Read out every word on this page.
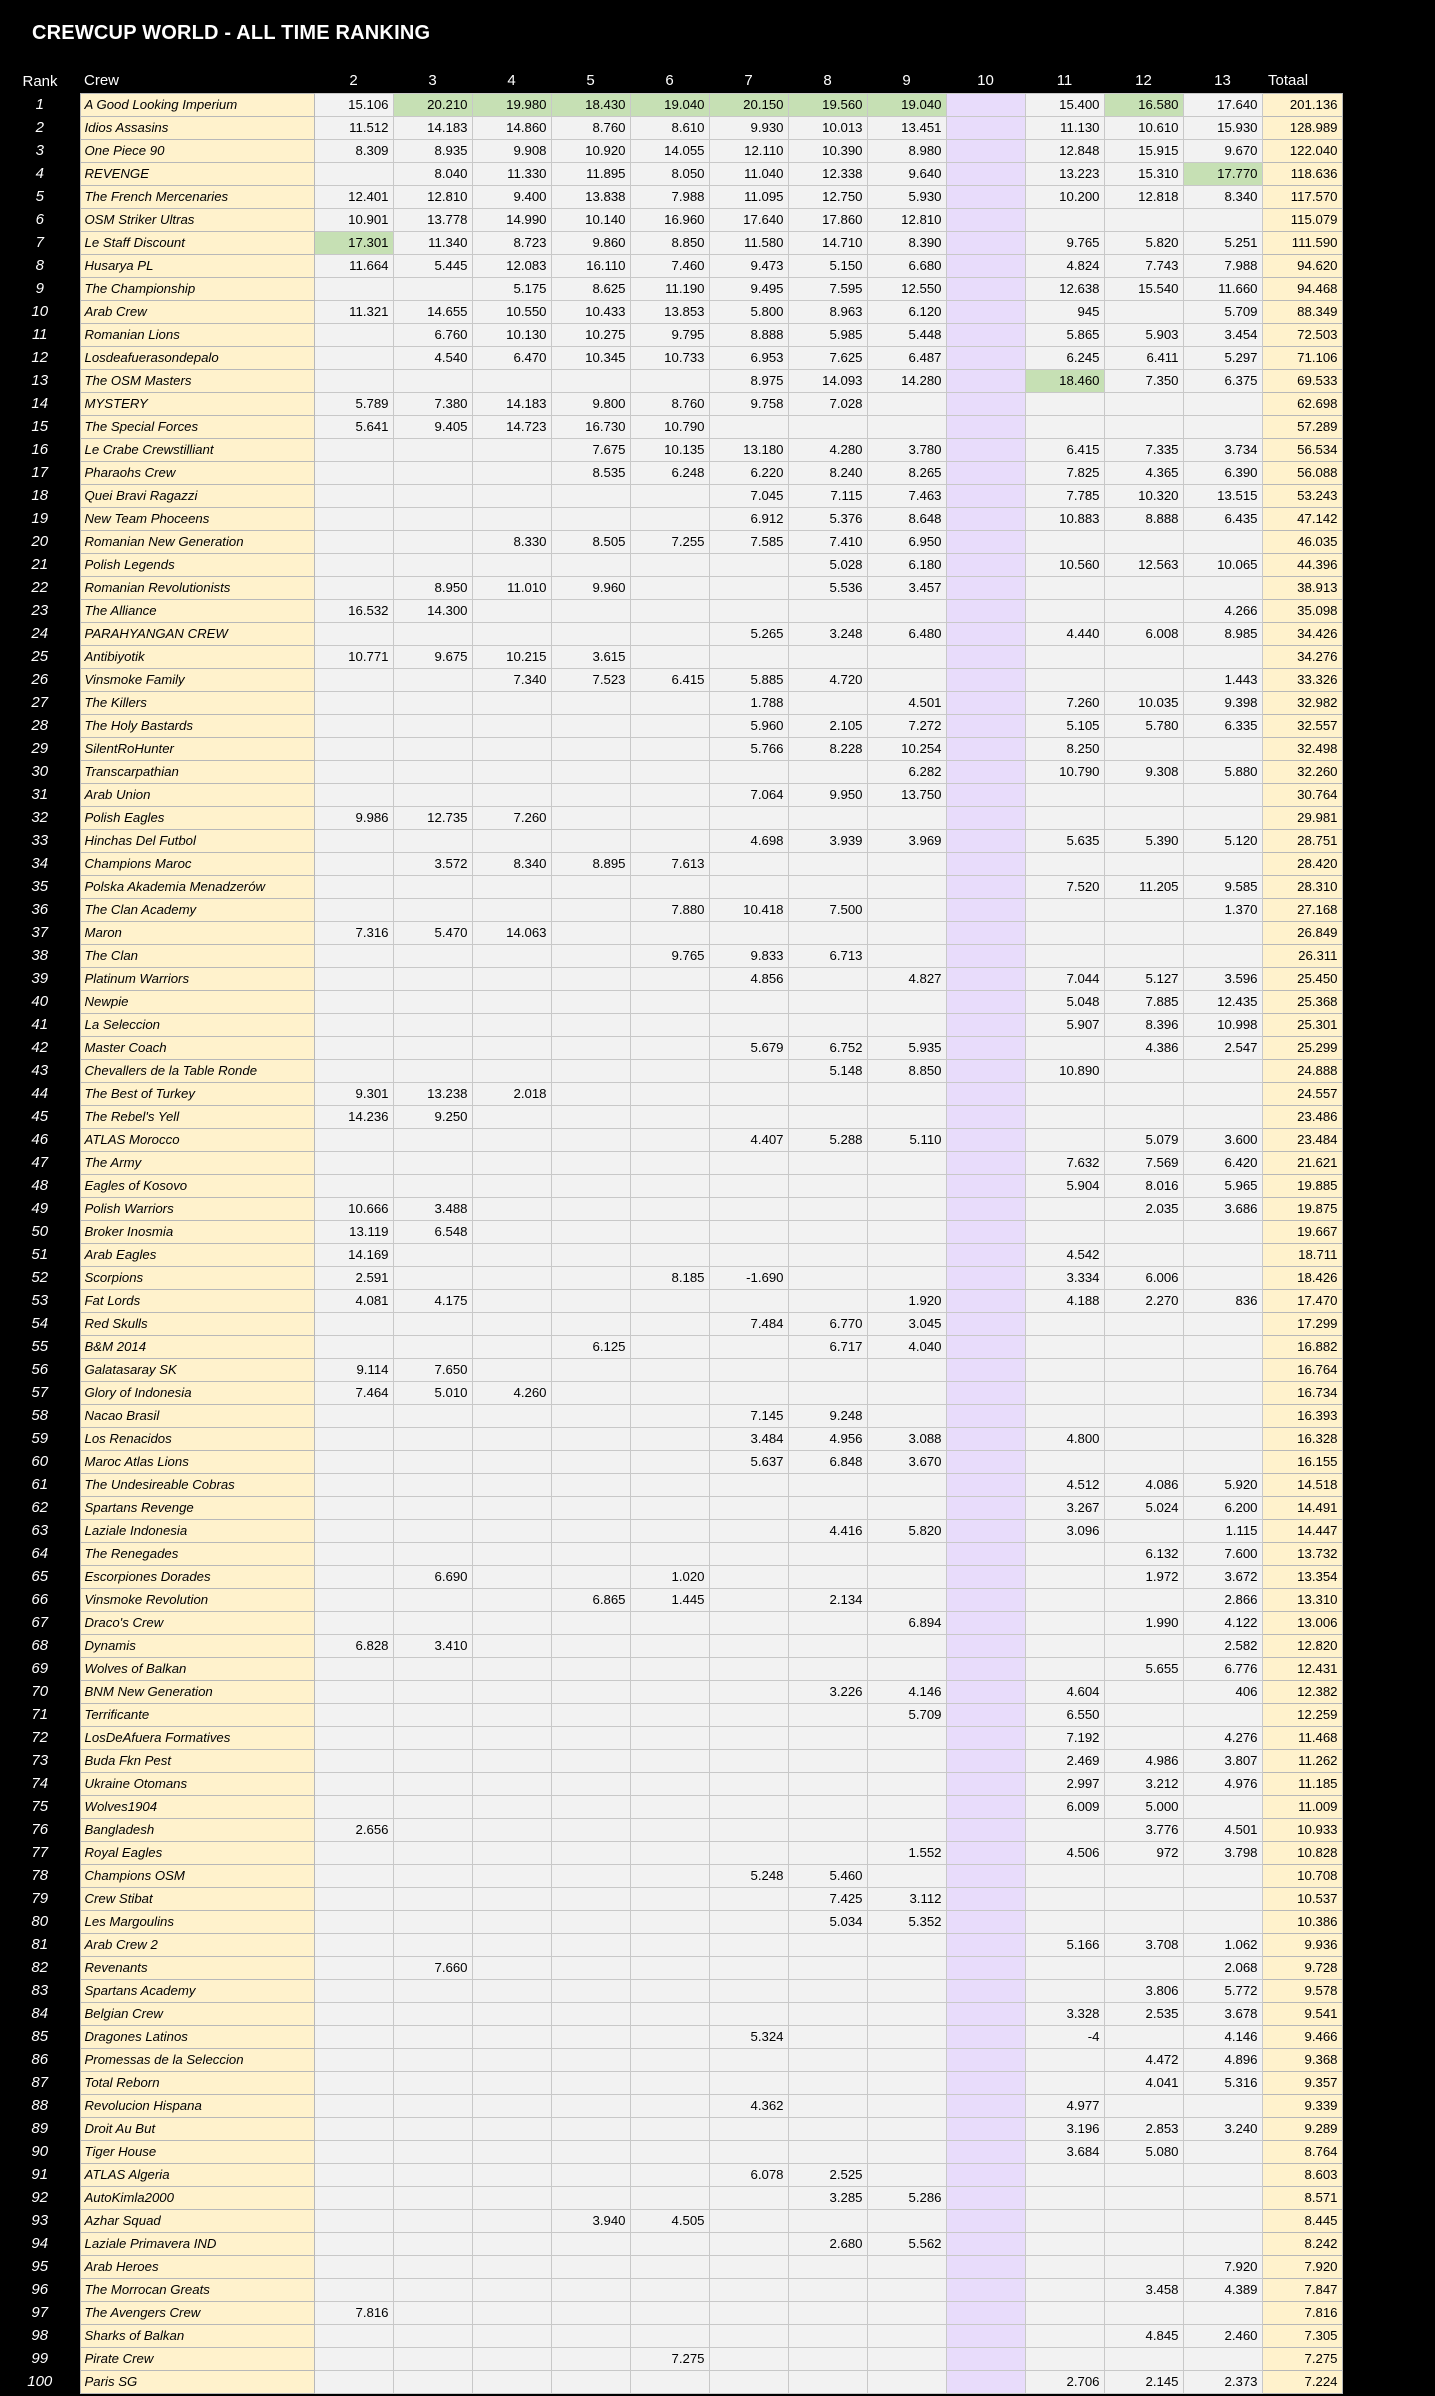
CREWCUP WORLD - ALL TIME RANKING
Rank	Crew	2	3	4	5	6	7	8	9	10	11	12	13	Totaal
1	A Good Looking Imperium	15.106	20.210	19.980	18.430	19.040	20.150	19.560	19.040		15.400	16.580	17.640	201.136
2	Idios Assasins	11.512	14.183	14.860	8.760	8.610	9.930	10.013	13.451		11.130	10.610	15.930	128.989
3	One Piece 90	8.309	8.935	9.908	10.920	14.055	12.110	10.390	8.980		12.848	15.915	9.670	122.040
4	REVENGE		8.040	11.330	11.895	8.050	11.040	12.338	9.640		13.223	15.310	17.770	118.636
5	The French Mercenaries	12.401	12.810	9.400	13.838	7.988	11.095	12.750	5.930		10.200	12.818	8.340	117.570
6	OSM Striker Ultras	10.901	13.778	14.990	10.140	16.960	17.640	17.860	12.810					115.079
7	Le Staff Discount	17.301	11.340	8.723	9.860	8.850	11.580	14.710	8.390		9.765	5.820	5.251	111.590
8	Husarya PL	11.664	5.445	12.083	16.110	7.460	9.473	5.150	6.680		4.824	7.743	7.988	94.620
9	The Championship			5.175	8.625	11.190	9.495	7.595	12.550		12.638	15.540	11.660	94.468
10	Arab Crew	11.321	14.655	10.550	10.433	13.853	5.800	8.963	6.120		945		5.709	88.349
11	Romanian Lions		6.760	10.130	10.275	9.795	8.888	5.985	5.448		5.865	5.903	3.454	72.503
12	Losdeafuerasondepalo		4.540	6.470	10.345	10.733	6.953	7.625	6.487		6.245	6.411	5.297	71.106
13	The OSM Masters						8.975	14.093	14.280		18.460	7.350	6.375	69.533
14	MYSTERY	5.789	7.380	14.183	9.800	8.760	9.758	7.028						62.698
15	The Special Forces	5.641	9.405	14.723	16.730	10.790								57.289
16	Le Crabe Crewstilliant				7.675	10.135	13.180	4.280	3.780		6.415	7.335	3.734	56.534
17	Pharaohs Crew				8.535	6.248	6.220	8.240	8.265		7.825	4.365	6.390	56.088
18	Quei Bravi Ragazzi						7.045	7.115	7.463		7.785	10.320	13.515	53.243
19	New Team Phoceens						6.912	5.376	8.648		10.883	8.888	6.435	47.142
20	Romanian New Generation			8.330	8.505	7.255	7.585	7.410	6.950					46.035
21	Polish Legends							5.028	6.180		10.560	12.563	10.065	44.396
22	Romanian Revolutionists		8.950	11.010	9.960			5.536	3.457					38.913
23	The Alliance	16.532	14.300										4.266	35.098
24	PARAHYANGAN CREW						5.265	3.248	6.480		4.440	6.008	8.985	34.426
25	Antibiyotik	10.771	9.675	10.215	3.615									34.276
26	Vinsmoke Family			7.340	7.523	6.415	5.885	4.720					1.443	33.326
27	The Killers						1.788		4.501		7.260	10.035	9.398	32.982
28	The Holy Bastards						5.960	2.105	7.272		5.105	5.780	6.335	32.557
29	SilentRoHunter						5.766	8.228	10.254		8.250			32.498
30	Transcarpathian								6.282		10.790	9.308	5.880	32.260
31	Arab Union						7.064	9.950	13.750					30.764
32	Polish Eagles	9.986	12.735	7.260										29.981
33	Hinchas Del Futbol						4.698	3.939	3.969		5.635	5.390	5.120	28.751
34	Champions Maroc		3.572	8.340	8.895	7.613								28.420
35	Polska Akademia Menadzerów										7.520	11.205	9.585	28.310
36	The Clan Academy					7.880	10.418	7.500					1.370	27.168
37	Maron	7.316	5.470	14.063										26.849
38	The Clan					9.765	9.833	6.713						26.311
39	Platinum Warriors						4.856		4.827		7.044	5.127	3.596	25.450
40	Newpie										5.048	7.885	12.435	25.368
41	La Seleccion										5.907	8.396	10.998	25.301
42	Master Coach						5.679	6.752	5.935			4.386	2.547	25.299
43	Chevallers de la Table Ronde							5.148	8.850		10.890			24.888
44	The Best of Turkey	9.301	13.238	2.018										24.557
45	The Rebel's Yell	14.236	9.250											23.486
46	ATLAS Morocco						4.407	5.288	5.110			5.079	3.600	23.484
47	The Army										7.632	7.569	6.420	21.621
48	Eagles of Kosovo										5.904	8.016	5.965	19.885
49	Polish Warriors	10.666	3.488									2.035	3.686	19.875
50	Broker Inosmia	13.119	6.548											19.667
51	Arab Eagles	14.169									4.542			18.711
52	Scorpions	2.591				8.185	-1.690				3.334	6.006		18.426
53	Fat Lords	4.081	4.175						1.920		4.188	2.270	836	17.470
54	Red Skulls						7.484	6.770	3.045					17.299
55	B&M 2014				6.125			6.717	4.040					16.882
56	Galatasaray SK	9.114	7.650											16.764
57	Glory of Indonesia	7.464	5.010	4.260										16.734
58	Nacao Brasil						7.145	9.248						16.393
59	Los Renacidos						3.484	4.956	3.088		4.800			16.328
60	Maroc Atlas Lions						5.637	6.848	3.670					16.155
61	The Undesireable Cobras										4.512	4.086	5.920	14.518
62	Spartans Revenge										3.267	5.024	6.200	14.491
63	Laziale Indonesia							4.416	5.820		3.096		1.115	14.447
64	The Renegades											6.132	7.600	13.732
65	Escorpiones Dorades		6.690			1.020						1.972	3.672	13.354
66	Vinsmoke Revolution				6.865	1.445		2.134					2.866	13.310
67	Draco's Crew								6.894			1.990	4.122	13.006
68	Dynamis	6.828	3.410										2.582	12.820
69	Wolves of Balkan											5.655	6.776	12.431
70	BNM New Generation							3.226	4.146		4.604		406	12.382
71	Terrificante								5.709		6.550			12.259
72	LosDeAfuera Formatives										7.192		4.276	11.468
73	Buda Fkn Pest										2.469	4.986	3.807	11.262
74	Ukraine Otomans										2.997	3.212	4.976	11.185
75	Wolves1904										6.009	5.000		11.009
76	Bangladesh	2.656										3.776	4.501	10.933
77	Royal Eagles								1.552		4.506	972	3.798	10.828
78	Champions OSM						5.248	5.460						10.708
79	Crew Stibat							7.425	3.112					10.537
80	Les Margoulins							5.034	5.352					10.386
81	Arab Crew 2										5.166	3.708	1.062	9.936
82	Revenants		7.660										2.068	9.728
83	Spartans Academy											3.806	5.772	9.578
84	Belgian Crew										3.328	2.535	3.678	9.541
85	Dragones Latinos						5.324				-4		4.146	9.466
86	Promessas de la Seleccion											4.472	4.896	9.368
87	Total Reborn											4.041	5.316	9.357
88	Revolucion Hispana						4.362				4.977			9.339
89	Droit Au But										3.196	2.853	3.240	9.289
90	Tiger House										3.684	5.080		8.764
91	ATLAS Algeria						6.078	2.525						8.603
92	AutoKimla2000							3.285	5.286					8.571
93	Azhar Squad				3.940	4.505								8.445
94	Laziale Primavera IND							2.680	5.562					8.242
95	Arab Heroes												7.920	7.920
96	The Morrocan Greats											3.458	4.389	7.847
97	The Avengers Crew	7.816												7.816
98	Sharks of Balkan											4.845	2.460	7.305
99	Pirate Crew					7.275								7.275
100	Paris SG										2.706	2.145	2.373	7.224
